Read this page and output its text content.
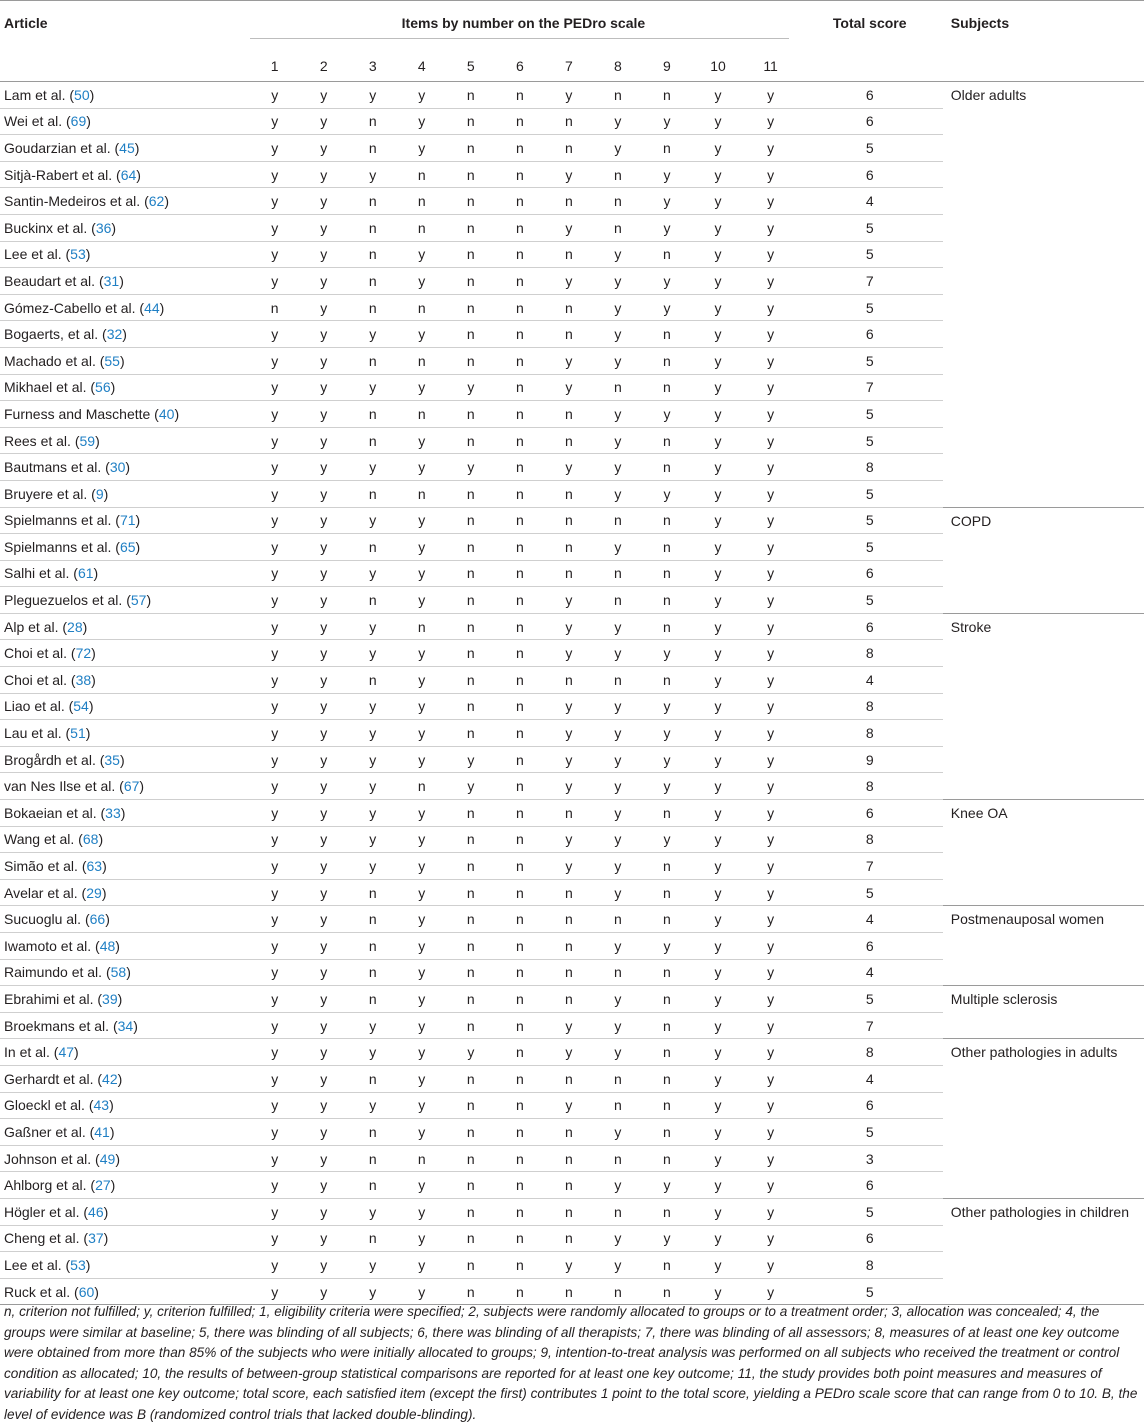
Article	Items by number on the PEDro scale											Total score	Subjects
	1	2	3	4	5	6	7	8	9	10	11		
Lam et al. (50)	y	y	y	y	n	n	y	n	n	y	y	6	Older adults
Wei et al. (69)	y	y	n	y	n	n	n	y	y	y	y	6	
Goudarzian et al. (45)	y	y	n	y	n	n	n	y	n	y	y	5	
Sitjà-Rabert et al. (64)	y	y	y	n	n	n	y	n	y	y	y	6	
Santin-Medeiros et al. (62)	y	y	n	n	n	n	n	n	y	y	y	4	
Buckinx et al. (36)	y	y	n	n	n	n	y	n	y	y	y	5	
Lee et al. (53)	y	y	n	y	n	n	n	y	n	y	y	5	
Beaudart et al. (31)	y	y	n	y	n	n	y	y	y	y	y	7	
Gómez-Cabello et al. (44)	n	y	n	n	n	n	n	y	y	y	y	5	
Bogaerts, et al. (32)	y	y	y	y	n	n	n	y	n	y	y	6	
Machado et al. (55)	y	y	n	n	n	n	y	y	n	y	y	5	
Mikhael et al. (56)	y	y	y	y	y	n	y	n	n	y	y	7	
Furness and Maschette (40)	y	y	n	n	n	n	n	y	y	y	y	5	
Rees et al. (59)	y	y	n	y	n	n	n	y	n	y	y	5	
Bautmans et al. (30)	y	y	y	y	y	n	y	y	n	y	y	8	
Bruyere et al. (9)	y	y	n	n	n	n	n	y	y	y	y	5	
Spielmanns et al. (71)	y	y	y	y	n	n	n	n	n	y	y	5	COPD
Spielmanns et al. (65)	y	y	n	y	n	n	n	y	n	y	y	5	
Salhi et al. (61)	y	y	y	y	n	n	n	n	n	y	y	6	
Pleguezuelos et al. (57)	y	y	n	y	n	n	y	n	n	y	y	5	
Alp et al. (28)	y	y	y	n	n	n	y	y	n	y	y	6	Stroke
Choi et al. (72)	y	y	y	y	n	n	y	y	y	y	y	8	
Choi et al. (38)	y	y	n	y	n	n	n	n	n	y	y	4	
Liao et al. (54)	y	y	y	y	n	n	y	y	y	y	y	8	
Lau et al. (51)	y	y	y	y	n	n	y	y	y	y	y	8	
Brogårdh et al. (35)	y	y	y	y	y	n	y	y	y	y	y	9	
van Nes Ilse et al. (67)	y	y	y	n	y	n	y	y	y	y	y	8	
Bokaeian et al. (33)	y	y	y	y	n	n	n	y	n	y	y	6	Knee OA
Wang et al. (68)	y	y	y	y	n	n	y	y	y	y	y	8	
Simão et al. (63)	y	y	y	y	n	n	y	y	n	y	y	7	
Avelar et al. (29)	y	y	n	y	n	n	n	y	n	y	y	5	
Sucuoglu al. (66)	y	y	n	y	n	n	n	n	n	y	y	4	Postmenauposal women
Iwamoto et al. (48)	y	y	n	y	n	n	n	y	y	y	y	6	
Raimundo et al. (58)	y	y	n	y	n	n	n	n	n	y	y	4	
Ebrahimi et al. (39)	y	y	n	y	n	n	n	y	n	y	y	5	Multiple sclerosis
Broekmans et al. (34)	y	y	y	y	n	n	y	y	n	y	y	7	
In et al. (47)	y	y	y	y	y	n	y	y	n	y	y	8	Other pathologies in adults
Gerhardt et al. (42)	y	y	n	y	n	n	n	n	n	y	y	4	
Gloeckl et al. (43)	y	y	y	y	n	n	y	n	n	y	y	6	
Gaßner et al. (41)	y	y	n	y	n	n	n	y	n	y	y	5	
Johnson et al. (49)	y	y	n	n	n	n	n	n	n	y	y	3	
Ahlborg et al. (27)	y	y	n	y	n	n	n	y	y	y	y	6	
Högler et al. (46)	y	y	y	y	n	n	n	n	n	y	y	5	Other pathologies in children
Cheng et al. (37)	y	y	n	y	n	n	n	y	y	y	y	6	
Lee et al. (53)	y	y	y	y	n	n	y	y	n	y	y	8	
Ruck et al. (60)	y	y	y	y	n	n	n	n	n	y	y	5	
n, criterion not fulfilled; y, criterion fulfilled; 1, eligibility criteria were specified; 2, subjects were randomly allocated to groups or to a treatment order; 3, allocation was concealed; 4, the groups were similar at baseline; 5, there was blinding of all subjects; 6, there was blinding of all therapists; 7, there was blinding of all assessors; 8, measures of at least one key outcome were obtained from more than 85% of the subjects who were initially allocated to groups; 9, intention-to-treat analysis was performed on all subjects who received the treatment or control condition as allocated; 10, the results of between-group statistical comparisons are reported for at least one key outcome; 11, the study provides both point measures and measures of variability for at least one key outcome; total score, each satisfied item (except the first) contributes 1 point to the total score, yielding a PEDro scale score that can range from 0 to 10. B, the level of evidence was B (randomized control trials that lacked double-blinding).
